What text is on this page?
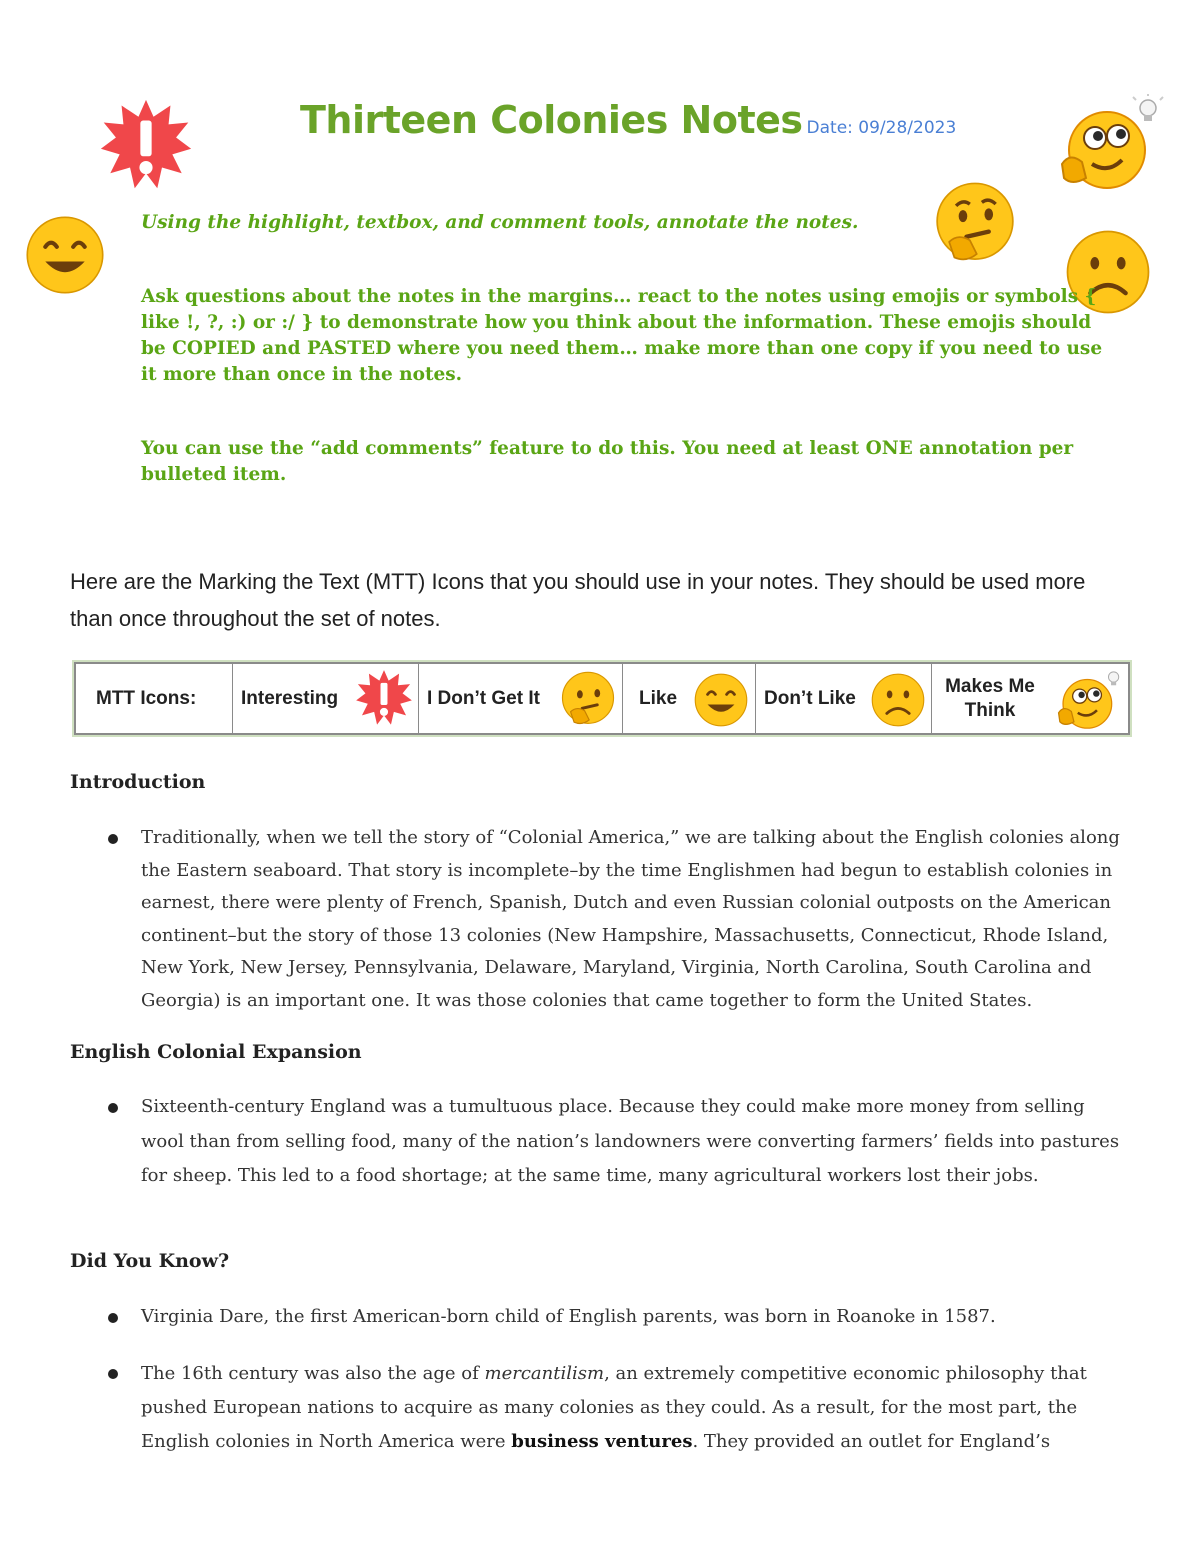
Thirteen Colonies Notes Date: 09/28/2023
Using the highlight, textbox, and comment tools, annotate the notes.
Ask questions about the notes in the margins… react to the notes using emojis or symbols { like !, ?, :) or :/ } to demonstrate how you think about the information. These emojis should be COPIED and PASTED where you need them… make more than one copy if you need to use it more than once in the notes.
You can use the “add comments” feature to do this. You need at least ONE annotation per bulleted item.
Here are the Marking the Text (MTT) Icons that you should use in your notes. They should be used more than once throughout the set of notes.
MTT Icons: Interesting	I Don’t Get It	Like	Don’t Like
Makes Me
Think
Introduction
Traditionally, when we tell the story of “Colonial America,” we are talking about the English colonies along the Eastern seaboard. That story is incomplete–by the time Englishmen had begun to establish colonies in earnest, there were plenty of French, Spanish, Dutch and even Russian colonial outposts on the American continent–but the story of those 13 colonies (New Hampshire, Massachusetts, Connecticut, Rhode Island, New York, New Jersey, Pennsylvania, Delaware, Maryland, Virginia, North Carolina, South Carolina and Georgia) is an important one. It was those colonies that came together to form the United States.
English Colonial Expansion
Sixteenth-century England was a tumultuous place. Because they could make more money from selling wool than from selling food, many of the nation’s landowners were converting farmers’ fields into pastures for sheep. This led to a food shortage; at the same time, many agricultural workers lost their jobs.
Did You Know?
Virginia Dare, the first American-born child of English parents, was born in Roanoke in 1587.
The 16th century was also the age of mercantilism, an extremely competitive economic philosophy that pushed European nations to acquire as many colonies as they could. As a result, for the most part, the English colonies in North America were business ventures. They provided an outlet for England’s
